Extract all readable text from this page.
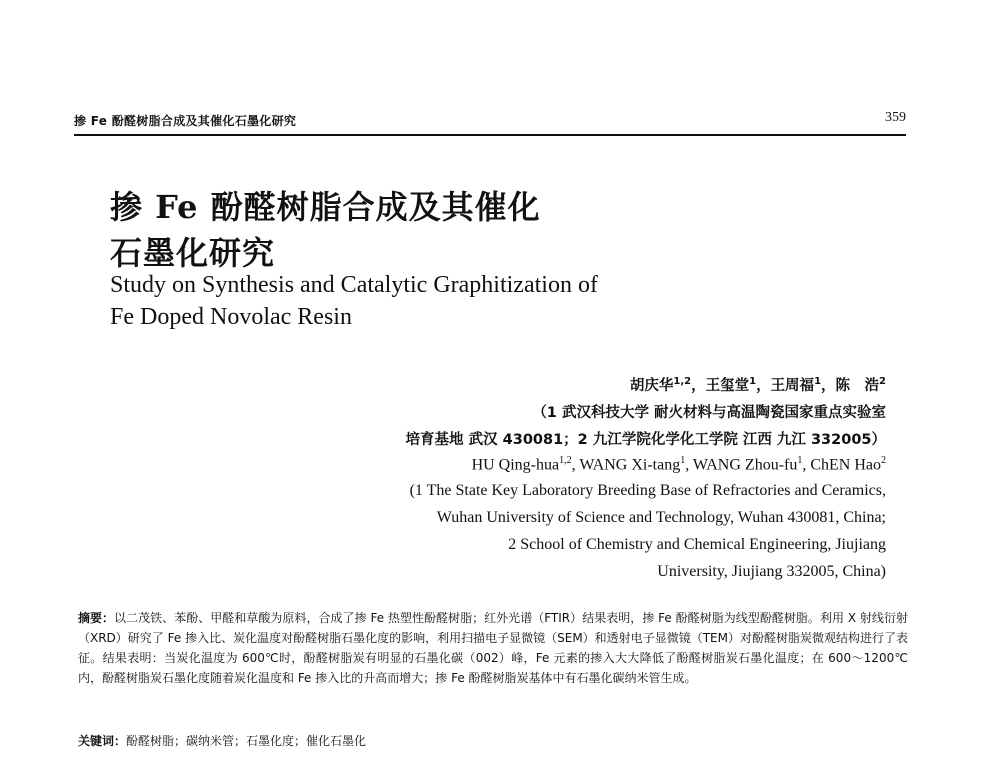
掺 Fe 酚醛树脂合成及其催化石墨化研究	359
掺 Fe 酚醛树脂合成及其催化
石墨化研究
Study on Synthesis and Catalytic Graphitization of
Fe Doped Novolac Resin
胡庆华$^{1,2}$，王玺堂$^1$，王周福$^1$，陈　浩$^2$
（1 武汉科技大学 耐火材料与高温陶瓷国家重点实验室
培育基地 武汉 430081；2 九江学院化学化工学院 江西 九江 332005）
HU Qing-hua$^{1,2}$, WANG Xi-tang$^1$, WANG Zhou-$fu^1$, ChEN Hao$^2$
(1 The State Key Laboratory Breeding Base of Refractories and Ceramics,
Wuhan University of Science and Technology, Wuhan 430081, China;
2 School of Chemistry and Chemical Engineering, Jiujiang
University, Jiujiang 332005, China)
摘要：以二茂铁、苯酚、甲醛和草酸为原料，合成了掺 Fe 热塑性酚醛树脂；红外光谱（FTIR）结果表明，掺 Fe 酚醛树脂为线型酚醛树脂。利用 X 射线衍射（XRD）研究了 Fe 掺入比、炭化温度对酚醛树脂石墨化度的影响，利用扫描电子显微镜（SEM）和透射电子显微镜（TEM）对酚醛树脂炭微观结构进行了表征。结果表明：当炭化温度为 600℃时，酚醛树脂炭有明显的石墨化碳（002）峰，Fe 元素的掺入大大降低了酚醛树脂炭石墨化温度；在 600～1200℃内，酚醛树脂炭石墨化度随着炭化温度和 Fe 掺入比的升高而增大；掺 Fe 酚醛树脂炭基体中有石墨化碳纳米管生成。
关键词：酚醛树脂；碳纳米管；石墨化度；催化石墨化
